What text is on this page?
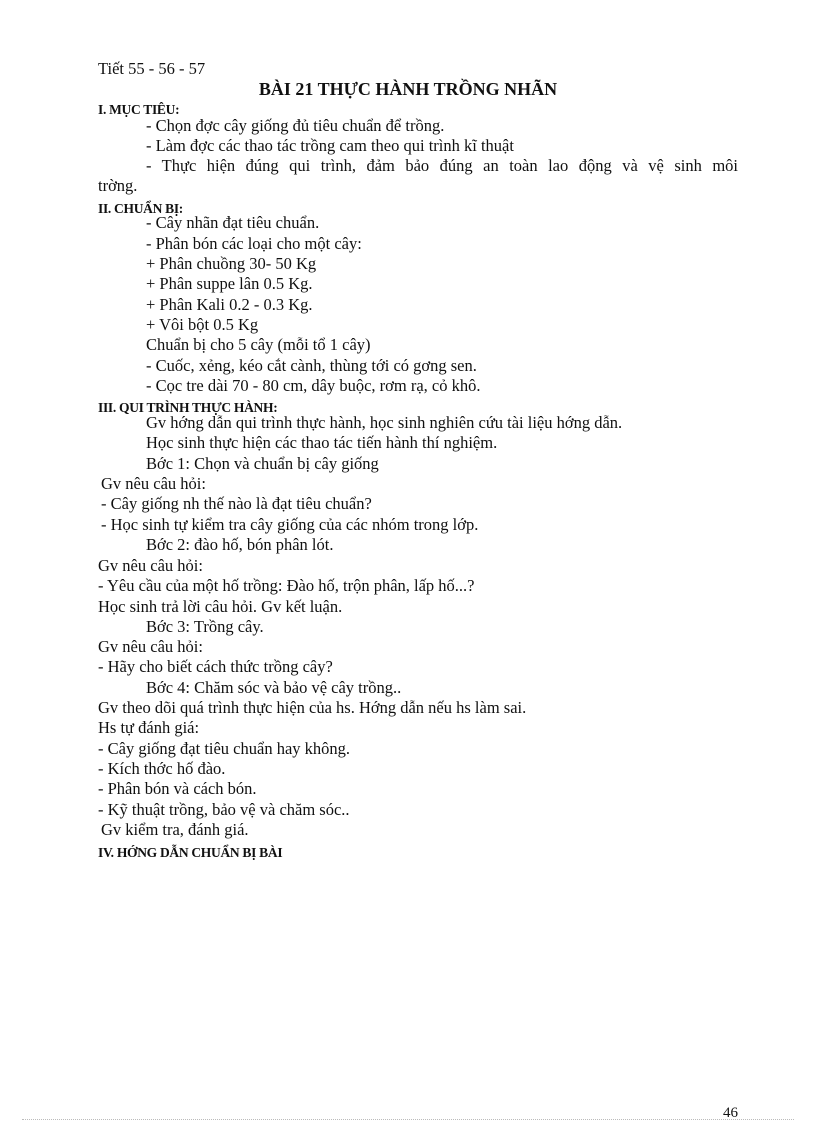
Tiết 55 - 56 - 57
BÀI 21 THỰC HÀNH TRỒNG NHÃN
I. MỤC TIÊU:
- Chọn đợc cây giống đủ tiêu chuẩn để trồng.
- Làm đợc các thao tác trồng cam theo qui trình kĩ thuật
- Thực hiện đúng qui trình, đảm bảo đúng an toàn lao động và vệ sinh môi
trờng.
II. CHUẨN BỊ:
- Cây nhãn đạt tiêu chuẩn.
- Phân bón các loại cho một cây:
+ Phân chuồng 30- 50 Kg
+ Phân suppe lân 0.5 Kg.
+ Phân Kali 0.2 - 0.3 Kg.
+ Vôi bột 0.5 Kg
Chuẩn bị cho 5 cây (mỗi tổ 1 cây)
- Cuốc, xẻng, kéo cắt cành, thùng tới có gơng sen.
- Cọc tre dài 70 - 80 cm, dây buộc, rơm rạ, cỏ khô.
III. QUI TRÌNH THỰC HÀNH:
Gv hớng dẫn qui trình thực hành, học sinh nghiên cứu tài liệu hớng dẫn.
Học sinh thực hiện các thao tác tiến hành thí nghiệm.
Bớc 1: Chọn và chuẩn bị cây giống
Gv nêu câu hỏi:
- Cây giống nh thế nào là đạt tiêu chuẩn?
- Học sinh tự kiểm tra cây giống của các nhóm trong lớp.
Bớc 2: đào hố, bón phân lót.
Gv nêu câu hỏi:
- Yêu cầu của một hố trồng: Đào hố, trộn phân, lấp hố...?
Học sinh trả lời câu hỏi. Gv kết luận.
Bớc 3: Trồng cây.
Gv nêu câu hỏi:
- Hãy cho biết cách thức trồng cây?
Bớc 4: Chăm sóc và bảo vệ cây trồng..
Gv theo dõi quá trình thực hiện của hs. Hớng dẫn nếu hs làm sai.
Hs tự đánh giá:
- Cây giống đạt tiêu chuẩn hay không.
- Kích thớc hố đào.
- Phân bón và cách bón.
- Kỹ thuật trồng, bảo vệ và chăm sóc..
Gv kiểm tra, đánh giá.
IV. HỚNG DẪN CHUẨN BỊ BÀI
46
